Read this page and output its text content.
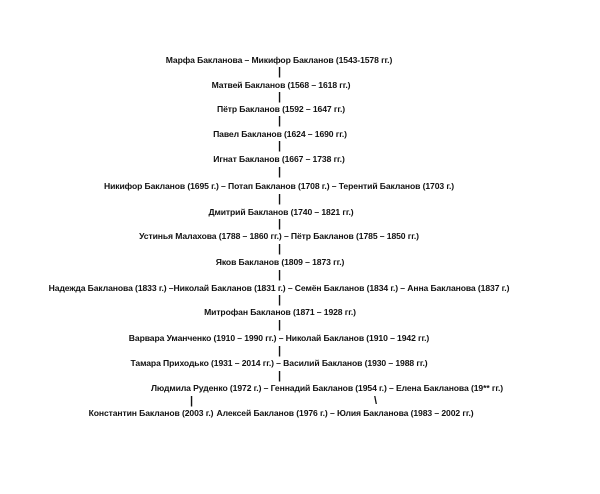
Марфа Бакланова – Микифор Бакланов (1543-1578 гг.)
Матвей Бакланов (1568 – 1618 гг.)
Пётр Бакланов (1592 – 1647 гг.)
Павел Бакланов (1624 – 1690 гг.)
Игнат Бакланов (1667 – 1738 гг.)
Никифор Бакланов (1695 г.) – Потап Бакланов (1708 г.) – Терентий Бакланов (1703 г.)
Дмитрий Бакланов (1740 – 1821 гг.)
Устинья Малахова (1788 – 1860 гг.) – Пётр Бакланов (1785 – 1850 гг.)
Яков Бакланов (1809 – 1873 гг.)
Надежда Бакланова (1833 г.) –Николай Бакланов (1831 г.) – Семён Бакланов (1834 г.) – Анна Бакланова (1837 г.)
Митрофан Бакланов (1871 – 1928 гг.)
Варвара Уманченко (1910 – 1990 гг.) – Николай Бакланов (1910 – 1942 гг.)
Тамара Приходько (1931 – 2014 гг.) – Василий Бакланов (1930 – 1988 гг.)
Людмила Руденко (1972 г.) – Геннадий Бакланов (1954 г.) – Елена Бакланова (19** гг.)
Константин Бакланов (2003 г.) Алексей Бакланов (1976 г.) – Юлия Бакланова (1983 – 2002 гг.)
|
|
|
|
|
|
|
|
|
|
|
|
|
|	\
